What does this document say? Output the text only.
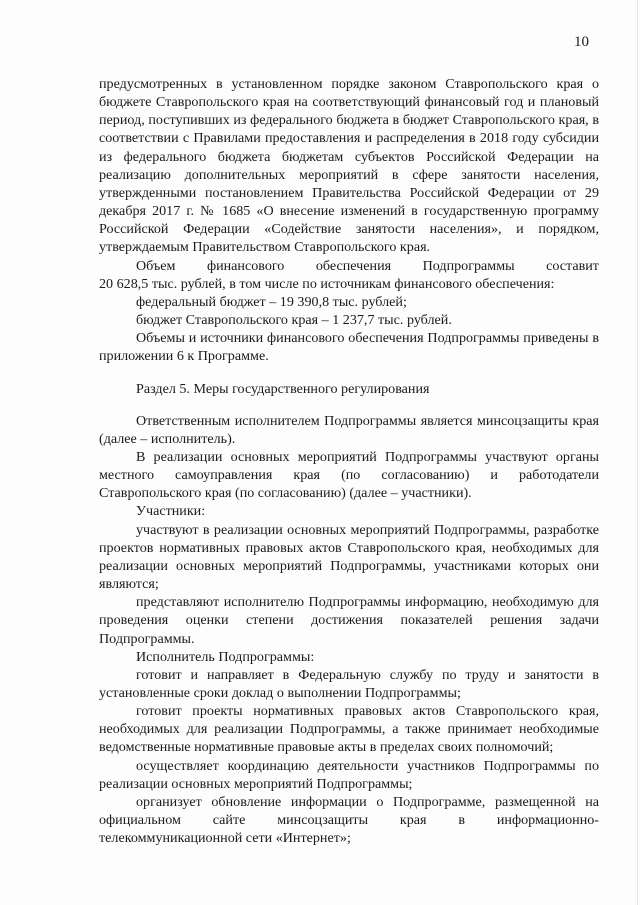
10

предусмотренных в установленном порядке законом Ставропольского края о бюджете Ставропольского края на соответствующий финансовый год и плановый период, поступивших из федерального бюджета в бюджет Ставропольского края, в соответствии с Правилами предоставления и распределения в 2018 году субсидии из федерального бюджета бюджетам субъектов Российской Федерации на реализацию дополнительных мероприятий в сфере занятости населения, утвержденными постановлением Правительства Российской Федерации от 29 декабря 2017 г. № 1685 «О внесение изменений в государственную программу Российской Федерации «Содействие занятости населения», и порядком, утверждаемым Правительством Ставропольского края.

Объем финансового обеспечения Подпрограммы составит

20 628,5 тыс. рублей, в том числе по источникам финансового обеспечения:

федеральный бюджет – 19 390,8 тыс. рублей;

бюджет Ставропольского края – 1 237,7 тыс. рублей.

Объемы и источники финансового обеспечения Подпрограммы приведены в приложении 6 к Программе.

Раздел 5. Меры государственного регулирования

Ответственным исполнителем Подпрограммы является минсоцзащиты края (далее – исполнитель).

В реализации основных мероприятий Подпрограммы участвуют органы местного самоуправления края (по согласованию) и работодатели Ставропольского края (по согласованию) (далее – участники).

Участники:

участвуют в реализации основных мероприятий Подпрограммы, разработке проектов нормативных правовых актов Ставропольского края, необходимых для реализации основных мероприятий Подпрограммы, участниками которых они являются;

представляют исполнителю Подпрограммы информацию, необходимую для проведения оценки степени достижения показателей решения задачи Подпрограммы.

Исполнитель Подпрограммы:

готовит и направляет в Федеральную службу по труду и занятости в установленные сроки доклад о выполнении Подпрограммы;

готовит проекты нормативных правовых актов Ставропольского края, необходимых для реализации Подпрограммы, а также принимает необходимые ведомственные нормативные правовые акты в пределах своих полномочий;

осуществляет координацию деятельности участников Подпрограммы по реализации основных мероприятий Подпрограммы;

организует обновление информации о Подпрограмме, размещенной на официальном сайте минсоцзащиты края в информационно-телекоммуникационной сети «Интернет»;
